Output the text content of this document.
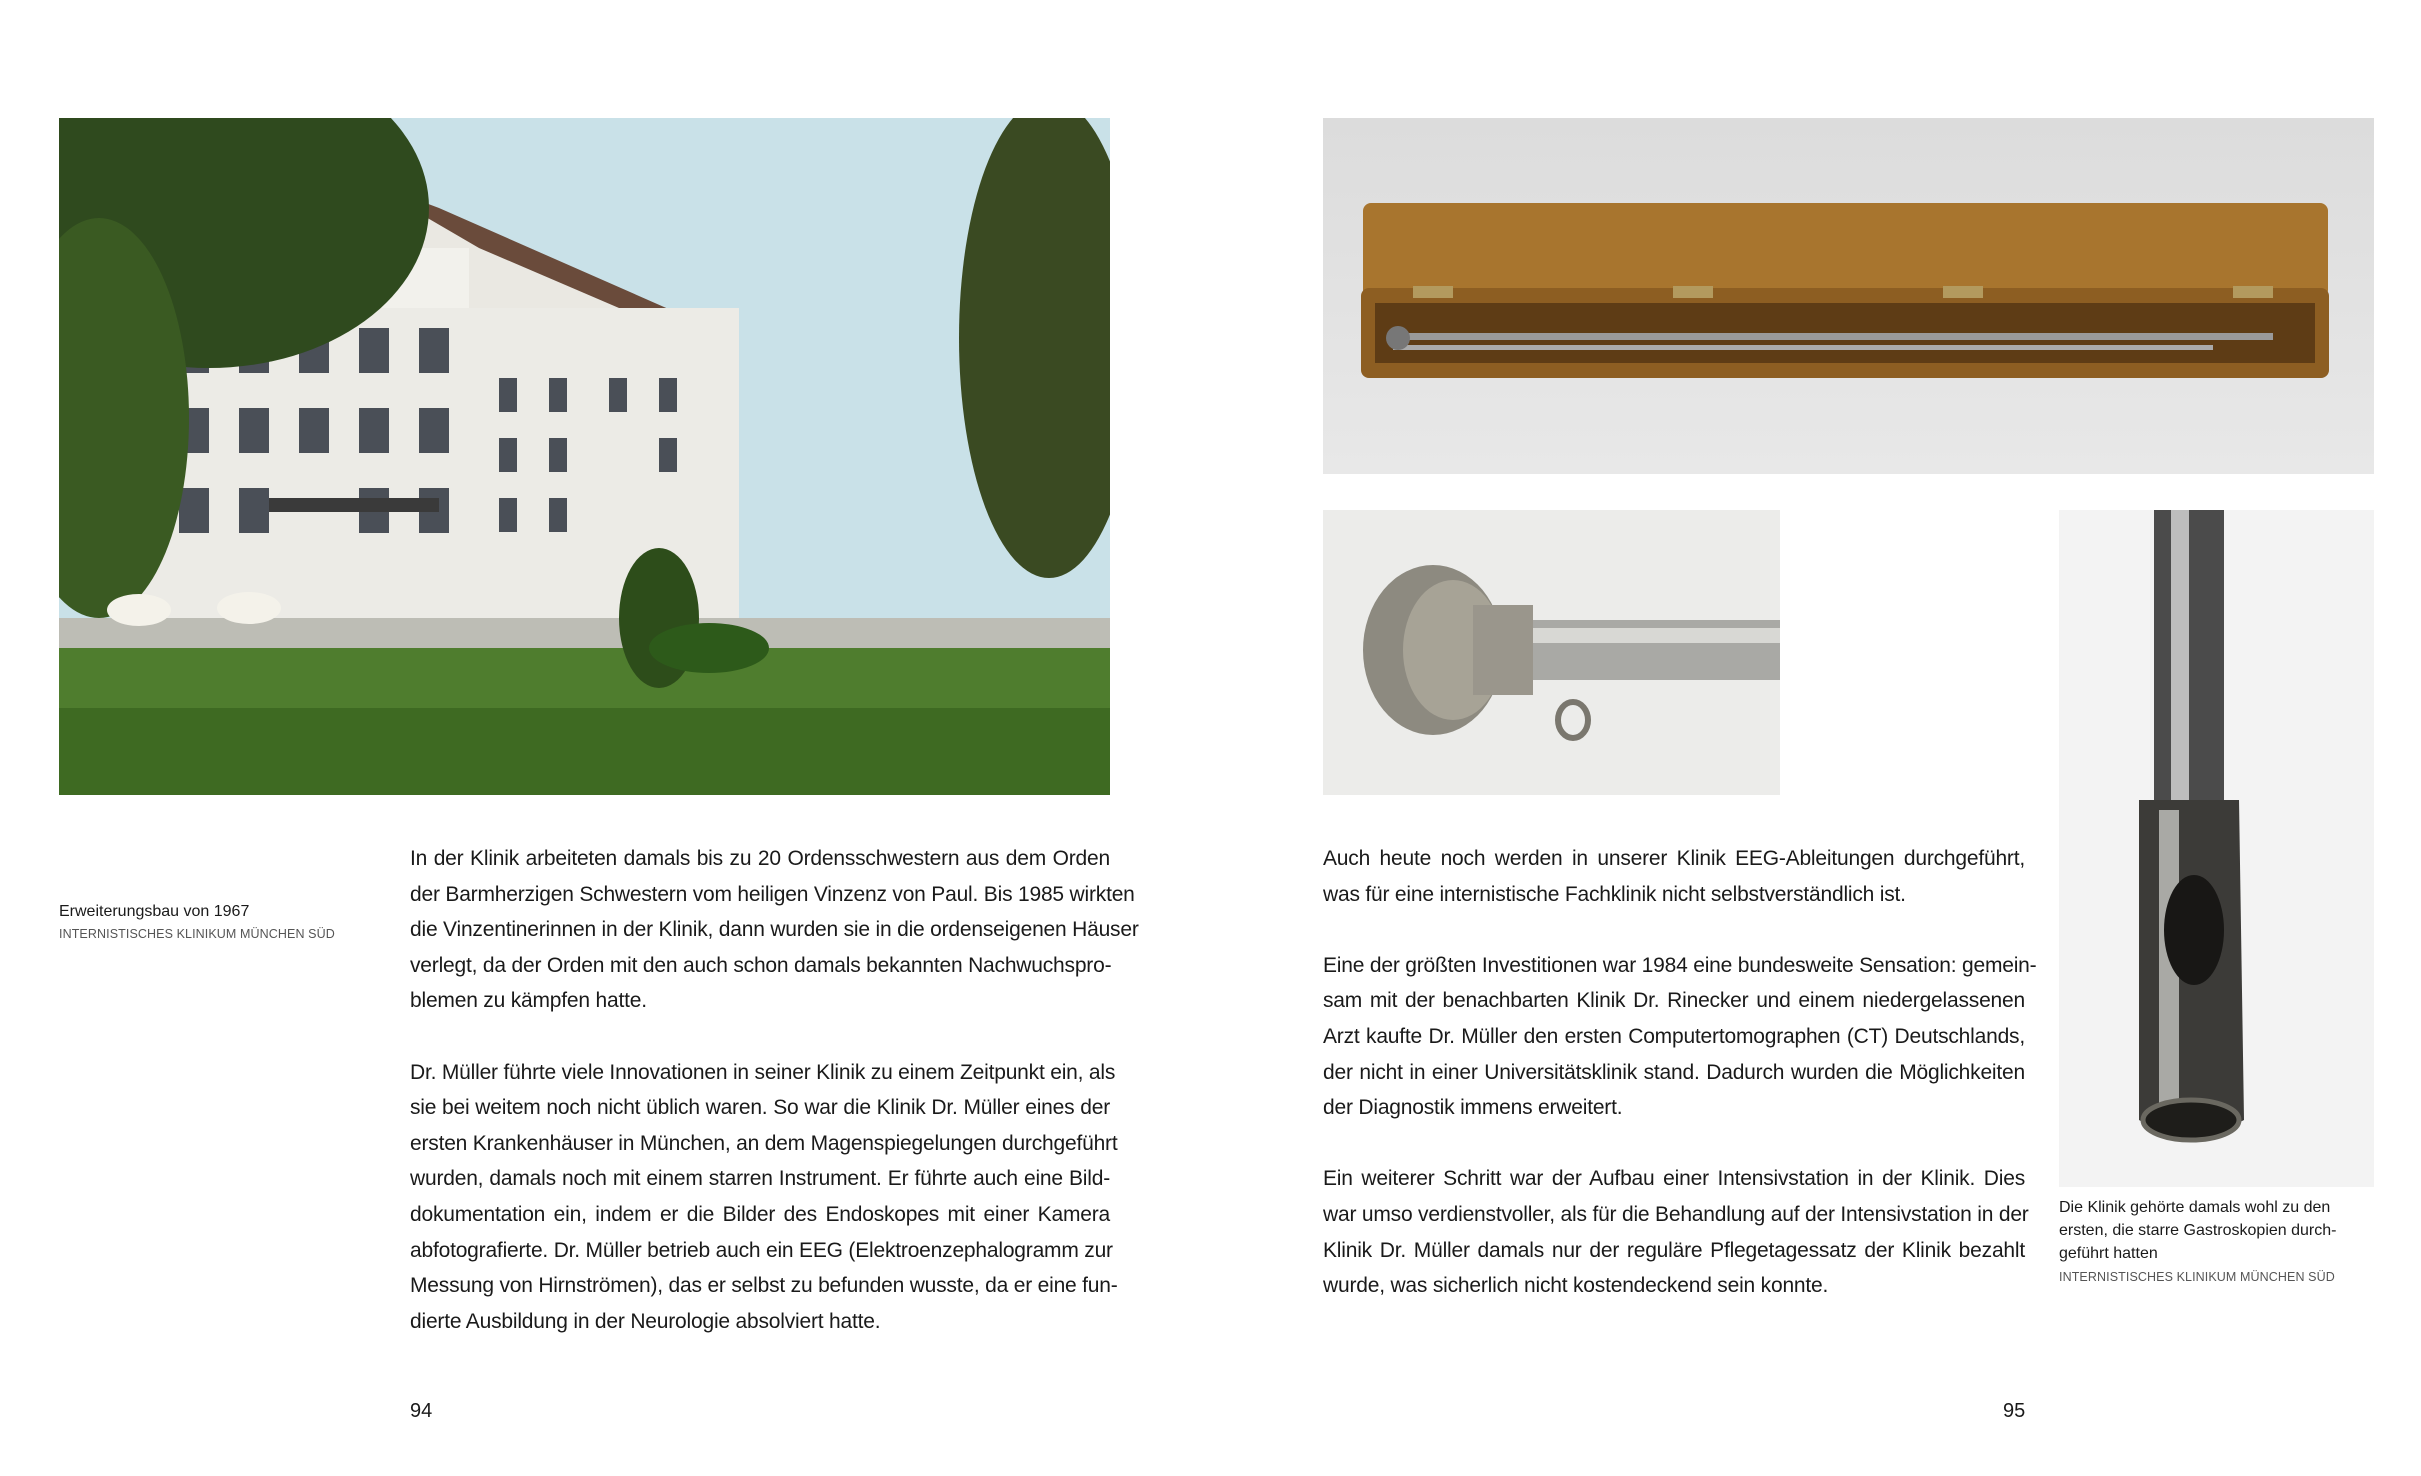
Erweiterungsbau von 1967
INTERNISTISCHES KLINIKUM MÜNCHEN SÜD
In der Klinik arbeiteten damals bis zu 20 Ordensschwestern aus dem Orden
der Barmherzigen Schwestern vom heiligen Vinzenz von Paul. Bis 1985 wirkten
die Vinzentinerinnen in der Klinik, dann wurden sie in die ordenseigenen Häuser
verlegt, da der Orden mit den auch schon damals bekannten Nachwuchspro-
blemen zu kämpfen hatte.
Dr. Müller führte viele Innovationen in seiner Klinik zu einem Zeitpunkt ein, als
sie bei weitem noch nicht üblich waren. So war die Klinik Dr. Müller eines der
ersten Krankenhäuser in München, an dem Magenspiegelungen durchgeführt
wurden, damals noch mit einem starren Instrument. Er führte auch eine Bild-
dokumentation ein, indem er die Bilder des Endoskopes mit einer Kamera
abfotografierte. Dr. Müller betrieb auch ein EEG (Elektroenzephalogramm zur
Messung von Hirnströmen), das er selbst zu befunden wusste, da er eine fun-
dierte Ausbildung in der Neurologie absolviert hatte.
94
Auch heute noch werden in unserer Klinik EEG-Ableitungen durchgeführt,
was für eine internistische Fachklinik nicht selbstverständlich ist.
Eine der größten Investitionen war 1984 eine bundesweite Sensation: gemein-
sam mit der benachbarten Klinik Dr. Rinecker und einem niedergelassenen
Arzt kaufte Dr. Müller den ersten Computertomographen (CT) Deutschlands,
der nicht in einer Universitätsklinik stand. Dadurch wurden die Möglichkeiten
der Diagnostik immens erweitert.
Ein weiterer Schritt war der Aufbau einer Intensivstation in der Klinik. Dies
war umso verdienstvoller, als für die Behandlung auf der Intensivstation in der
Klinik Dr. Müller damals nur der reguläre Pflegetagessatz der Klinik bezahlt
wurde, was sicherlich nicht kostendeckend sein konnte.
Die Klinik gehörte damals wohl zu den
ersten, die starre Gastroskopien durch-
geführt hatten
INTERNISTISCHES KLINIKUM MÜNCHEN SÜD
95
